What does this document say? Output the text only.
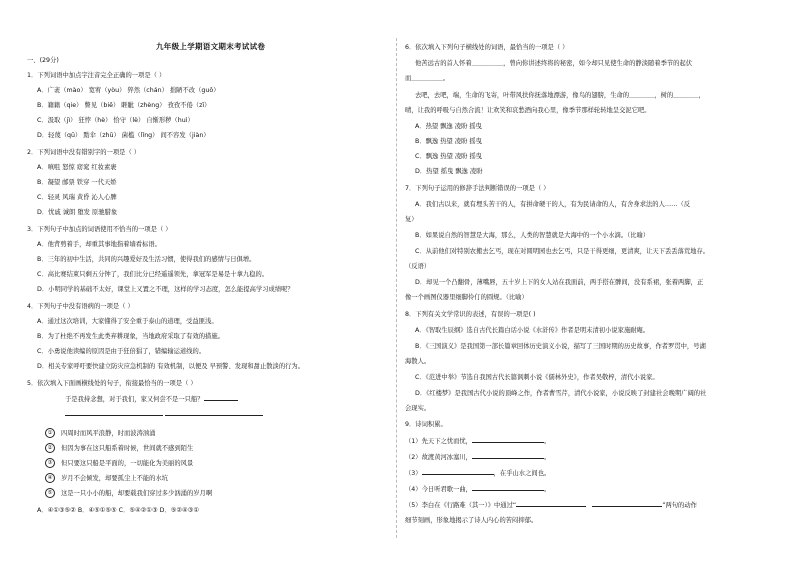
九年级上学期语文期末考试试卷
一、(29分)
1．下列词语中加点字注音完全正确的一项是（ ）
A．广袤（mào） 宽宥（yòu） 猝然（chán） 拙陋不改（guǒ）
B．籍籍（qie） 瞥见（biē） 睚眦（zhèng） 孜孜不倦（zī）
C．汲取（jì） 狂悖（hè） 恰守（lè） 自惭形秽（huì）
D．轻蔑（qū） 黠伞（zhū） 菌槛（lǐng） 间不容发（jiàn）
2．下列词语中没有错别字的一项是（ ）
A．嗔咀 怒惊 窈窕 红妆素裹
B．凝望 邮票 铁穿 一代天娇
C．轻灵 风瑞 黄昏 沁人心脾
D．忧戚 诚朗 堕发 原驰腊象
3．下列句子中加点的词语使用不恰当的一项是（ ）
A．他背剪着手，却重其事地指着墙看标语。
B．三年的初中生活，共同的兴趣爱好及生活习惯，使得我们的感情与日俱增。
C．高比赛结束只剩五分钟了，我们比分已经遥遥领先，拿冠军是易是十拿九稳的。
D．小明同学的基础不太好，课堂上又置之不理，这样的学习态度，怎么能提高学习成绩呢？
4．下列句子中没有语病的一项是（ ）
A．通过这次培训，大家懂得了安全重于泰山的道理，受益匪浅。
B．为了杜绝不再发生此类弃耕现象，当地政府采取了有效的措施。
C．小勇说他读编的原因是由于狂倍猖了，错编输运道线的。
D．相关专家呼吁要快建立防灾应急机制的 有效机制，以便及 早预警、发现和甜止散淡的行为。
5．依次填入下面画横线处的句子，衔接最恰当的一项是（ ）
于是我持念想，对于我们，家又何尝不是一只船？

① 四周时而风平浪静，时而波涛汹涌
② 但因为事在这只船系着时候，世间就不感到陌生
③ 但只要这只船是平面的，一切能化为美丽的风景
④ 岁月不会倾发，却要孤尘上不能的水坑
⑤ 这是一只小小的船，却要载我们穿过多少汹涌的岁月啊
A．④①③⑤② B．④⑤①⑤⑤ C．⑤④②①③ D．⑤②④③①
6．依次填入下列句子横线处的词语，最恰当的一项是（ ）
他苦远古的首人怀着＿＿＿＿＿，曾向你讲述终将的秘密，如今却只见使生命的静淡随着季节的起伏
而＿＿＿＿＿。
去吧，去吧，端，生命的飞寄，叶带风扶你抚落地漂游，像鸟的翅膀，生命的＿＿＿＿，树的＿＿＿＿，
晴，让我的呼吸与自然合流！让欢笑和哀愁酒向我心里，像季节那样轮转地呈交泥它吧。
A．热望 飘逸 凌盼 摇曳
B．飘逸 热望 凌盼 摇曳
C．飘逸 热望 凌盼 摇曳
D．热望 摇曳 飘逸 凌盼
7．下列句子运用的修辞手法判断错误的一项是（ ）
A．我们古以来，就有埋头苦干的人，有拼命硬干的人，有为民请命的人，有舍身求法的人……（反
复）
B．如果说自然的智慧是大海，那么，人类的智慧就是大海中的一个小水滴。（比喻）
C．从前他们对特别农搬去乞丐，现在对圆明园也去乞丐，只是干得更细，更清爽，让天下丢丢落荒地存。
（反语）
D．却见一个凸翻骨，薄嘴唇，五十岁上下的女人站在我面前，两手搭在髀间，没有系裙，张着两脚，正
像一个画图仪器里细脚伶仃的圆规。（比喻）
8．下列有关文学常识的表述，有误的一项是( )
A．《智取生辰纲》选自古代长篇白话小说《水浒传》作者是明末清初小说家施耐庵。
B．《三国演义》是我国第一部长篇章回体历史演义小说，描写了三国时期的历史故事，作者罗贯中，号湖
海散人。
C．《范进中举》节选自我国古代长篇讽刺小说《儒林外史》，作者吴敬梓，清代小说家。
D．《红楼梦》是我国古代小说的顶峰之作，作者曹雪芹，清代小说家，小说反映了封建社会晚期广阔的社
会现实。
9．诗词积累。
（1）先天下之忧而忧，	。
（2）故渡黄河冰塞川，	。
（3）	，在乎山水之间也。
（4）今日听君歌一曲，	。
（5）李白在《行路难（其一）》中通过“	”两句的动作
细节刻画，形象地揭示了诗人内心的苦闷抑郁。
